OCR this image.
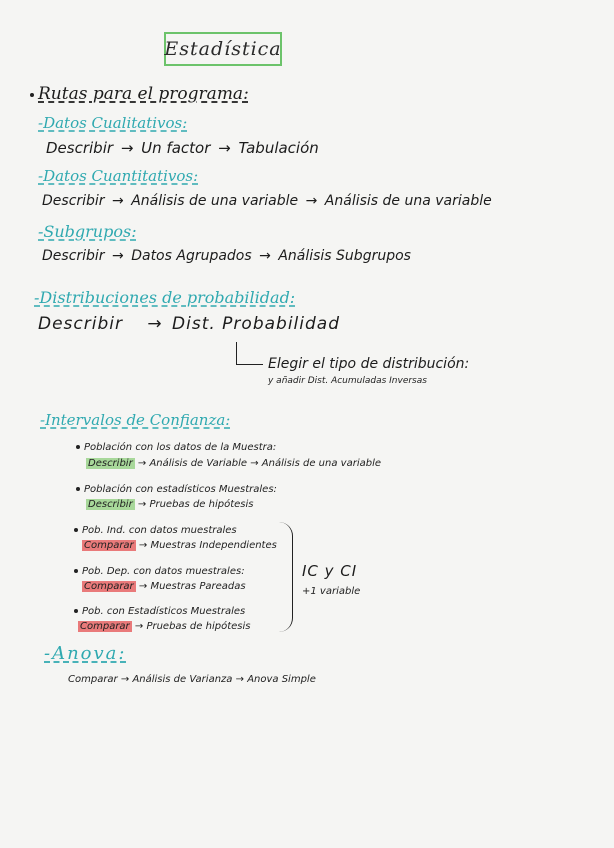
Estadística
Rutas para el programa:
-Datos Cualitativos:
Describir → Un factor → Tabulación
-Datos Cuantitativos:
Describir → Análisis de una variable → Análisis de una variable
-Subgrupos:
Describir → Datos Agrupados → Análisis Subgrupos
-Distribuciones de probabilidad:
Describir → Dist. Probabilidad
Elegir el tipo de distribución:
y añadir Dist. Acumuladas Inversas
-Intervalos de Confianza:
Población con los datos de la Muestra:
Describir → Análisis de Variable → Análisis de una variable
Población con estadísticos Muestrales:
Describir → Pruebas de hipótesis
Pob. Ind. con datos muestrales
Comparar → Muestras Independientes
Pob. Dep. con datos muestrales:
Comparar → Muestras Pareadas
Pob. con Estadísticos Muestrales
Comparar → Pruebas de hipótesis
IC y CI
+1 variable
-Anova:
Comparar → Análisis de Varianza → Anova Simple
